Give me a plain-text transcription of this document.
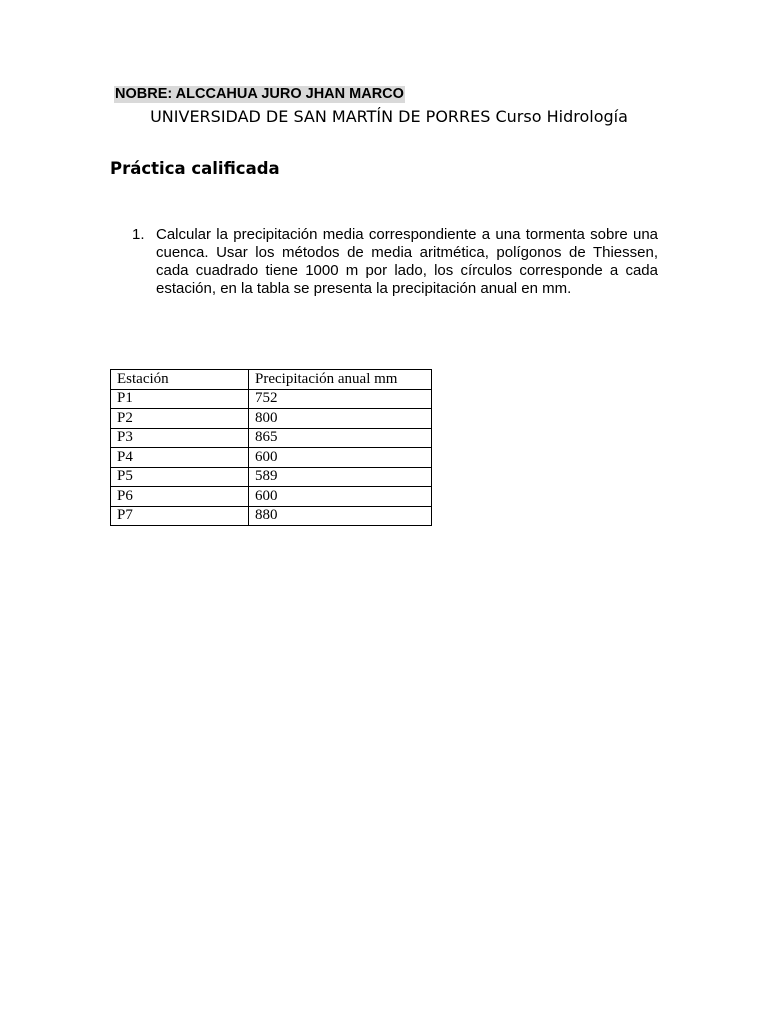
NOBRE: ALCCAHUA JURO JHAN MARCO
UNIVERSIDAD DE SAN MARTÍN DE PORRES Curso Hidrología
Práctica calificada
1. Calcular la precipitación media correspondiente a una tormenta sobre una cuenca. Usar los métodos de media aritmética, polígonos de Thiessen, cada cuadrado tiene 1000 m por lado, los círculos corresponde a cada estación, en la tabla se presenta la precipitación anual en mm.
Estación	Precipitación anual mm
P1	752
P2	800
P3	865
P4	600
P5	589
P6	600
P7	880
